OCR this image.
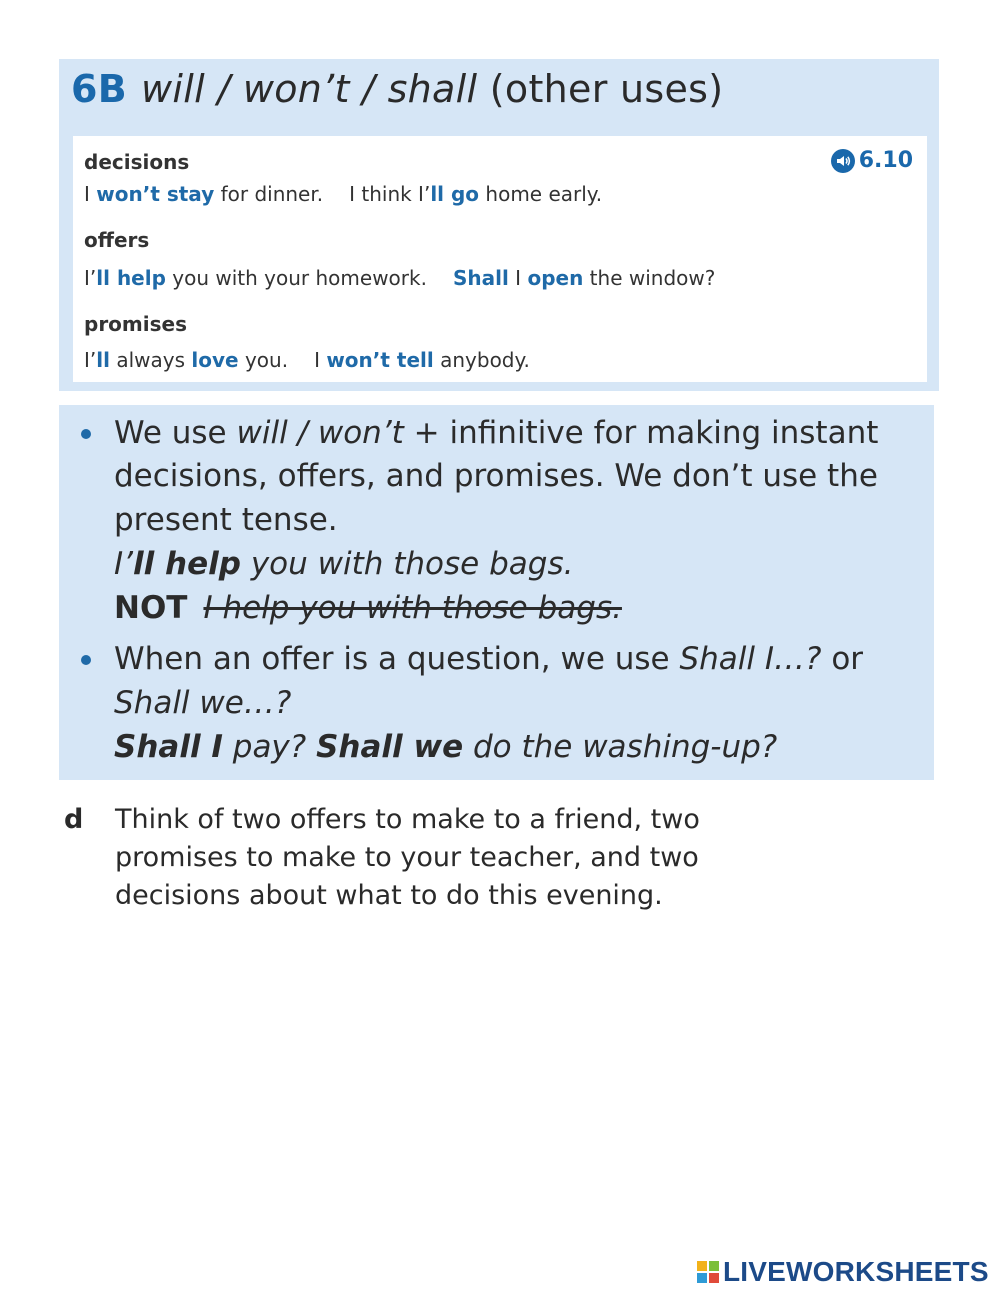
6B will / won’t / shall (other uses)
6.10
decisions
I won’t stay for dinner. I think I’ll go home early.
offers
I’ll help you with your homework. Shall I open the window?
promises
I’ll always love you. I won’t tell anybody.
We use will / won’t + infinitive for making instant
decisions, offers, and promises. We don’t use the
present tense.
I’ll help you with those bags.
NOT I help you with those bags.
When an offer is a question, we use Shall I…? or
Shall we…?
Shall I pay? Shall we do the washing-up?
d Think of two offers to make to a friend, two
promises to make to your teacher, and two
decisions about what to do this evening.
LIVEWORKSHEETS
